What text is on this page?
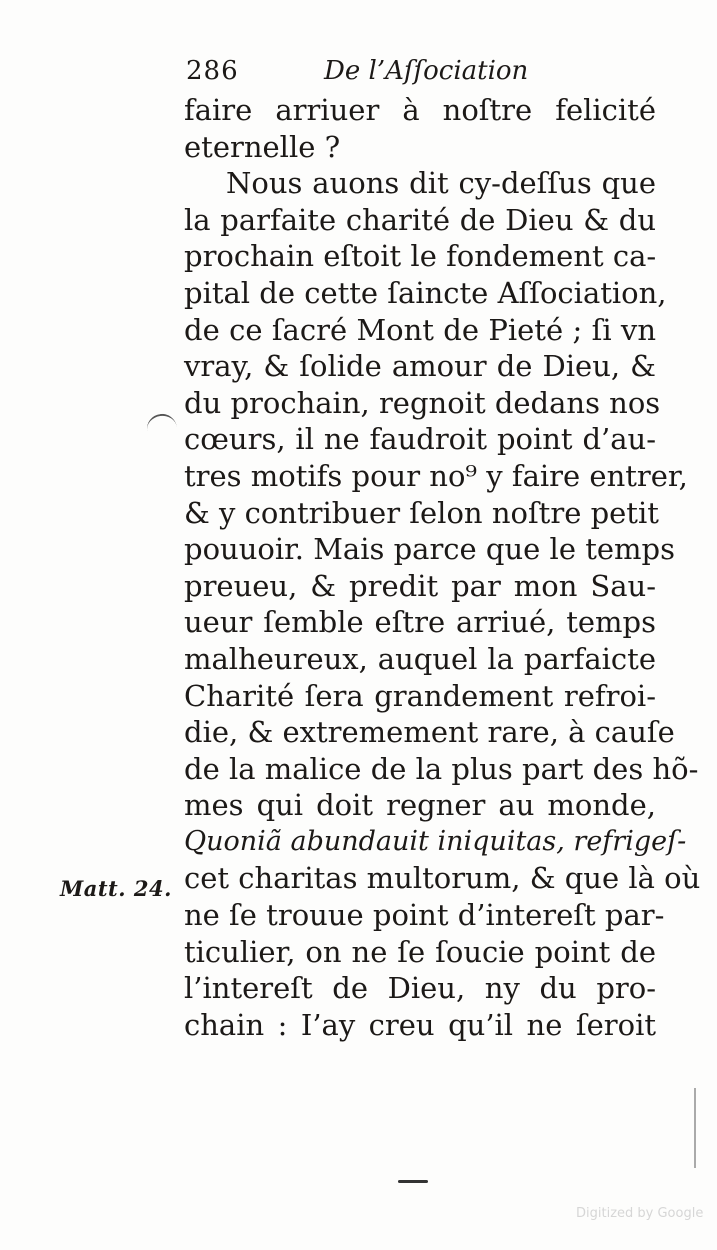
286	De l’Aſſociation
faire arriuer à noſtre felicité
eternelle ?
Nous auons dit cy-deſſus que
la parfaite charité de Dieu & du
prochain eſtoit le fondement ca-
pital de cette ſaincte Aſſociation,
de ce ſacré Mont de Pieté ; ſi vn
vray, & ſolide amour de Dieu, &
du prochain, regnoit dedans nos
cœurs, il ne faudroit point d’au-
tres motifs pour no⁹ y faire entrer,
& y contribuer ſelon noſtre petit
pouuoir. Mais parce que le temps
preueu, & predit par mon Sau-
ueur ſemble eſtre arriué, temps
malheureux, auquel la parfaicte
Charité ſera grandement refroi-
die, & extremement rare, à cauſe
de la malice de la plus part des hõ-
mes qui doit regner au monde,
Quoniã abundauit iniquitas, refrigeſ-
cet charitas multorum, & que là où
ne ſe trouue point d’intereſt par-
ticulier, on ne ſe ſoucie point de
l’intereſt de Dieu, ny du pro-
chain : I’ay creu qu’il ne ſeroit
Matt. 24.
Digitized by Google
